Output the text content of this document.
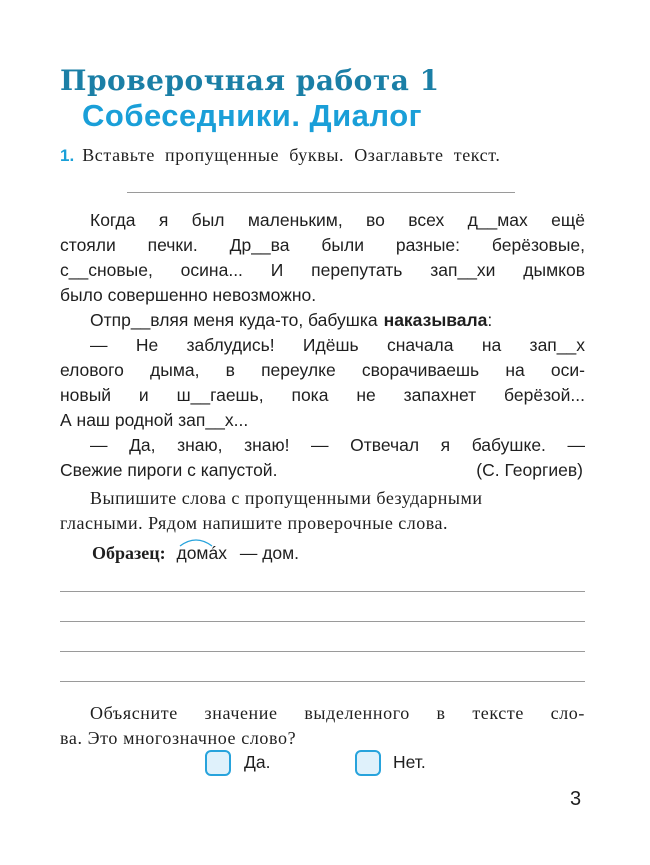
Проверочная работа 1
Собеседники. Диалог
1. Вставьте пропущенные буквы. Озаглавьте текст.
Когда я был маленьким, во всех д__мах ещё
стояли печки. Др__ва были разные: берёзовые,
с__сновые, осина... И перепутать зап__хи дымков
было совершенно невозможно.
Отпр__вляя меня куда-то, бабушка наказывала:
— Не заблудись! Идёшь сначала на зап__х
елового дыма, в переулке сворачиваешь на оси-
новый и ш__гаешь, пока не запахнет берёзой...
А наш родной зап__х...
— Да, знаю, знаю! — Отвечал я бабушке. —
Свежие пироги с капустой.	(С. Георгиев)
Выпишите слова с пропущенными безударными
гласными. Рядом напишите проверочные слова.
Образец: домáх — дом.
Объясните значение выделенного в тексте сло-
ва. Это многозначное слово?
Да.	Нет.
3
